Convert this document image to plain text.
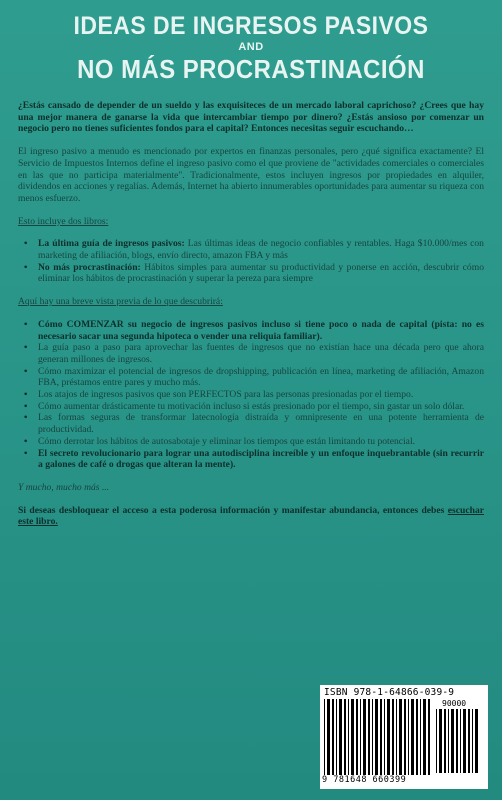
IDEAS DE INGRESOS PASIVOS
AND
NO MÁS PROCRASTINACIÓN
¿Estás cansado de depender de un sueldo y las exquisiteces de un mercado laboral caprichoso? ¿Crees que hay una mejor manera de ganarse la vida que intercambiar tiempo por dinero? ¿Estás ansioso por comenzar un negocio pero no tienes suficientes fondos para el capital? Entonces necesitas seguir escuchando…
El ingreso pasivo a menudo es mencionado por expertos en finanzas personales, pero ¿qué significa exactamente? El Servicio de Impuestos Internos define el ingreso pasivo como el que proviene de "actividades comerciales o comerciales en las que no participa materialmente". Tradicionalmente, estos incluyen ingresos por propiedades en alquiler, dividendos en acciones y regalías. Además, Internet ha abierto innumerables oportunidades para aumentar su riqueza con menos esfuerzo.
Esto incluye dos libros:
• La última guía de ingresos pasivos: Las últimas ideas de negocio confiables y rentables. Haga $10.000/mes con marketing de afiliación, blogs, envío directo, amazon FBA y más
• No más procrastinación: Hábitos simples para aumentar su productividad y ponerse en acción, descubrir cómo eliminar los hábitos de procrastinación y superar la pereza para siempre
Aquí hay una breve vista previa de lo que descubrirá:
• Cómo COMENZAR su negocio de ingresos pasivos incluso si tiene poco o nada de capital (pista: no es necesario sacar una segunda hipoteca o vender una reliquia familiar).
• La guía paso a paso para aprovechar las fuentes de ingresos que no existían hace una década pero que ahora generan millones de ingresos.
• Cómo maximizar el potencial de ingresos de dropshipping, publicación en línea, marketing de afiliación, Amazon FBA, préstamos entre pares y mucho más.
• Los atajos de ingresos pasivos que son PERFECTOS para las personas presionadas por el tiempo.
• Cómo aumentar drásticamente tu motivación incluso si estás presionado por el tiempo, sin gastar un solo dólar.
• Las formas seguras de transformar latecnología distraída y omnipresente en una potente herramienta de productividad.
• Cómo derrotar los hábitos de autosabotaje y eliminar los tiempos que están limitando tu potencial.
• El secreto revolucionario para lograr una autodisciplina increíble y un enfoque inquebrantable (sin recurrir a galones de café o drogas que alteran la mente).
Y mucho, mucho más ...
Si deseas desbloquear el acceso a esta poderosa información y manifestar abundancia, entonces debes escuchar este libro.
ISBN 978-1-64866-039-9
90000
9 781648 660399
